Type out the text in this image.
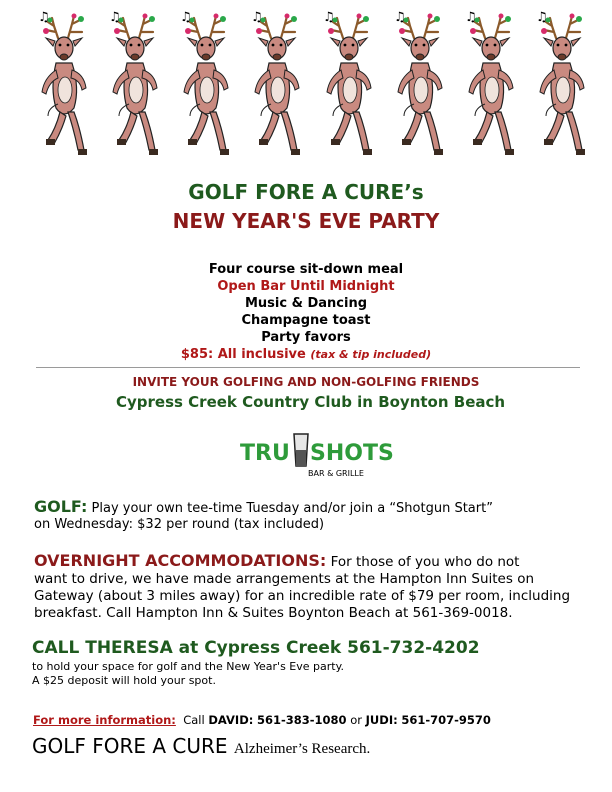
GOLF FORE A CURE’s
NEW YEAR'S EVE PARTY
Four course sit-down meal
Open Bar Until Midnight
Music & Dancing
Champagne toast
Party favors
$85: All inclusive (tax & tip included)
INVITE YOUR GOLFING AND NON-GOLFING FRIENDS
Cypress Creek Country Club in Boynton Beach
TRU SHOTS
BAR & GRILLE
GOLF: Play your own tee-time Tuesday and/or join a “Shotgun Start”
on Wednesday: $32 per round (tax included)
OVERNIGHT ACCOMMODATIONS: For those of you who do not
want to drive, we have made arrangements at the Hampton Inn Suites on
Gateway (about 3 miles away) for an incredible rate of $79 per room, including
breakfast. Call Hampton Inn & Suites Boynton Beach at 561-369-0018.
CALL THERESA at Cypress Creek 561-732-4202
to hold your space for golf and the New Year's Eve party.
A $25 deposit will hold your spot.
For more information: Call DAVID: 561-383-1080 or JUDI: 561-707-9570
GOLF FORE A CURE Alzheimer’s Research.
